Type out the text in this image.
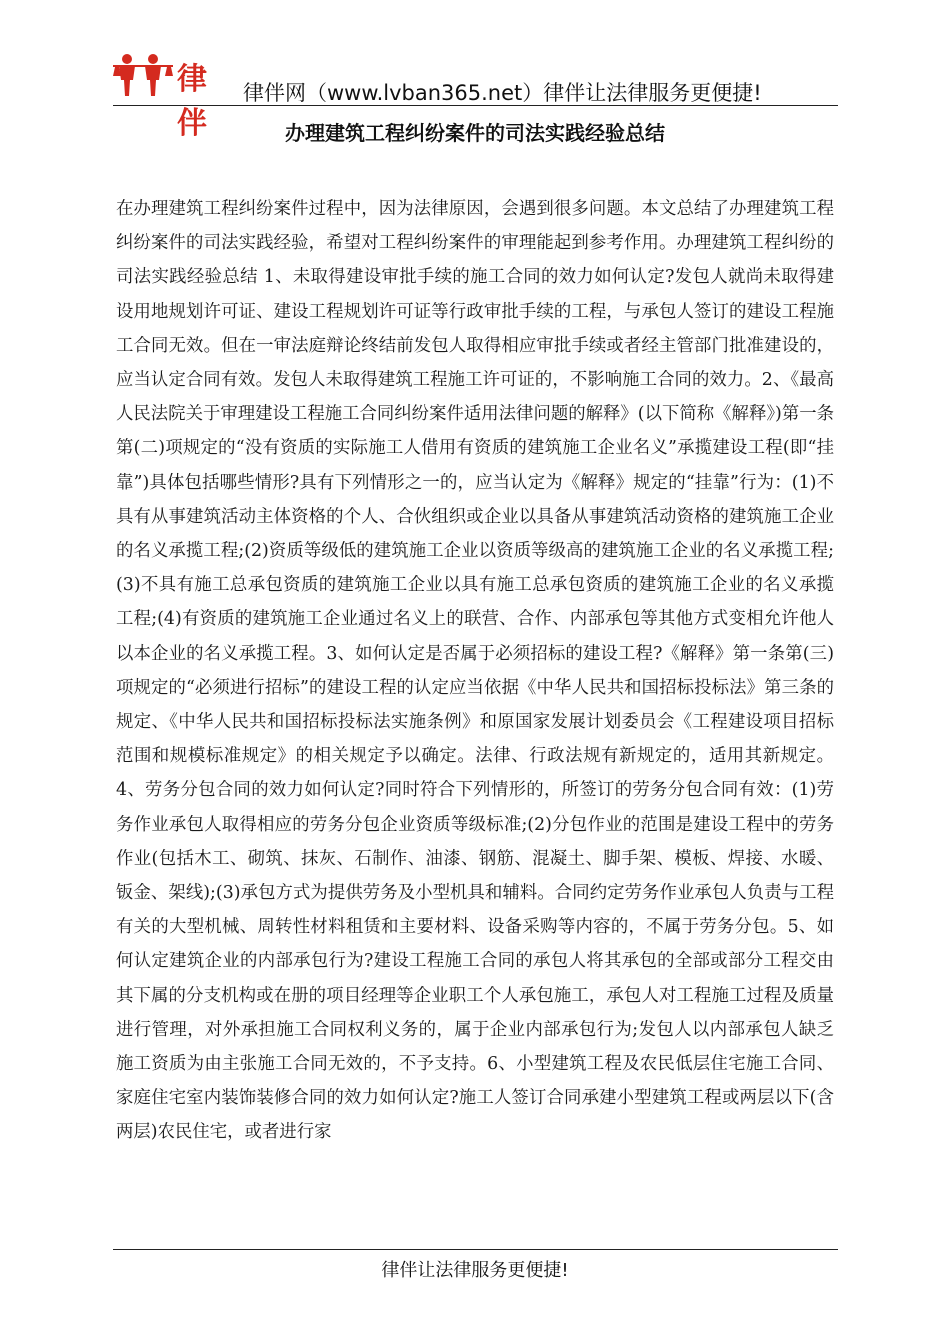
律伴
律伴网（www.lvban365.net）律伴让法律服务更便捷!
办理建筑工程纠纷案件的司法实践经验总结

在办理建筑工程纠纷案件过程中，因为法律原因，会遇到很多问题。本文总结了办理建筑工程纠纷案件的司法实践经验，希望对工程纠纷案件的审理能起到参考作用。办理建筑工程纠纷的司法实践经验总结 1、未取得建设审批手续的施工合同的效力如何认定?发包人就尚未取得建设用地规划许可证、建设工程规划许可证等行政审批手续的工程，与承包人签订的建设工程施工合同无效。但在一审法庭辩论终结前发包人取得相应审批手续或者经主管部门批准建设的，应当认定合同有效。发包人未取得建筑工程施工许可证的，不影响施工合同的效力。2、《最高人民法院关于审理建设工程施工合同纠纷案件适用法律问题的解释》(以下简称《解释》)第一条第(二)项规定的“没有资质的实际施工人借用有资质的建筑施工企业名义”承揽建设工程(即“挂靠”)具体包括哪些情形?具有下列情形之一的，应当认定为《解释》规定的“挂靠”行为：(1)不具有从事建筑活动主体资格的个人、合伙组织或企业以具备从事建筑活动资格的建筑施工企业的名义承揽工程;(2)资质等级低的建筑施工企业以资质等级高的建筑施工企业的名义承揽工程;(3)不具有施工总承包资质的建筑施工企业以具有施工总承包资质的建筑施工企业的名义承揽工程;(4)有资质的建筑施工企业通过名义上的联营、合作、内部承包等其他方式变相允许他人以本企业的名义承揽工程。3、如何认定是否属于必须招标的建设工程?《解释》第一条第(三)项规定的“必须进行招标”的建设工程的认定应当依据《中华人民共和国招标投标法》第三条的规定、《中华人民共和国招标投标法实施条例》和原国家发展计划委员会《工程建设项目招标范围和规模标准规定》的相关规定予以确定。法律、行政法规有新规定的，适用其新规定。4、劳务分包合同的效力如何认定?同时符合下列情形的，所签订的劳务分包合同有效：(1)劳务作业承包人取得相应的劳务分包企业资质等级标准;(2)分包作业的范围是建设工程中的劳务作业(包括木工、砌筑、抹灰、石制作、油漆、钢筋、混凝土、脚手架、模板、焊接、水暖、钣金、架线);(3)承包方式为提供劳务及小型机具和辅料。合同约定劳务作业承包人负责与工程有关的大型机械、周转性材料租赁和主要材料、设备采购等内容的，不属于劳务分包。5、如何认定建筑企业的内部承包行为?建设工程施工合同的承包人将其承包的全部或部分工程交由其下属的分支机构或在册的项目经理等企业职工个人承包施工，承包人对工程施工过程及质量进行管理，对外承担施工合同权利义务的，属于企业内部承包行为;发包人以内部承包人缺乏施工资质为由主张施工合同无效的，不予支持。6、小型建筑工程及农民低层住宅施工合同、家庭住宅室内装饰装修合同的效力如何认定?施工人签订合同承建小型建筑工程或两层以下(含两层)农民住宅，或者进行家

律伴让法律服务更便捷!
